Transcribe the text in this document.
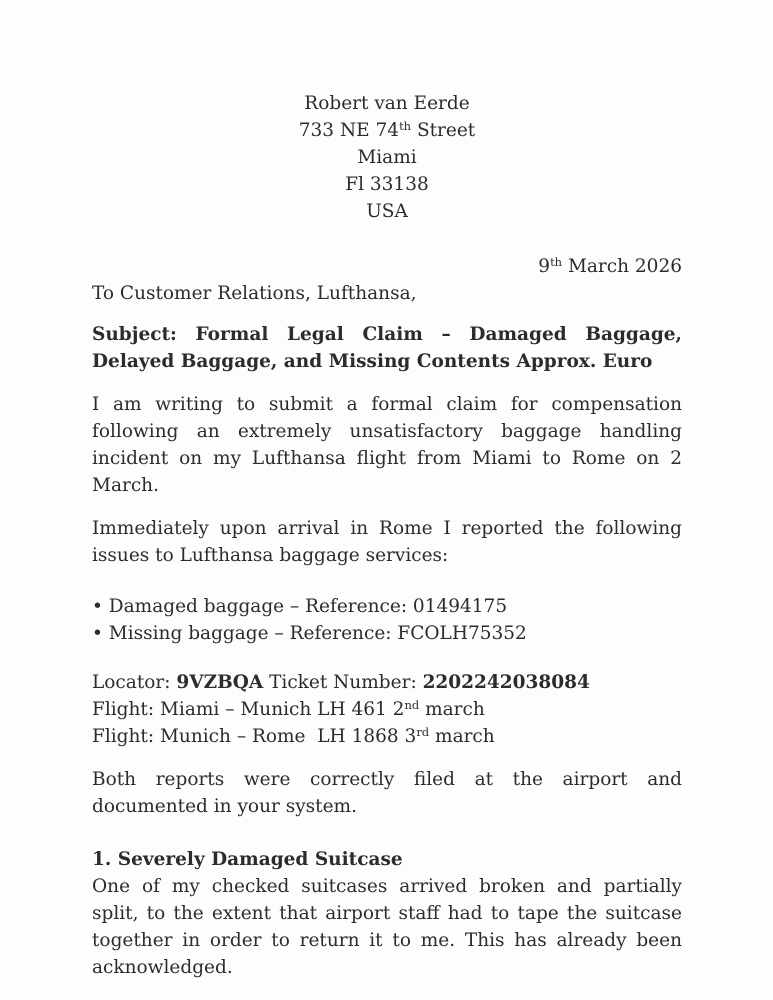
Robert van Eerde
733 NE 74th Street
Miami
Fl 33138
USA
9th March 2026
To Customer Relations, Lufthansa,
Subject: Formal Legal Claim – Damaged Baggage, Delayed Baggage, and Missing Contents Approx. Euro

I am writing to submit a formal claim for compensation following an extremely unsatisfactory baggage handling incident on my Lufthansa flight from Miami to Rome on 2 March.

Immediately upon arrival in Rome I reported the following issues to Lufthansa baggage services:

• Damaged baggage – Reference: 01494175
• Missing baggage – Reference: FCOLH75352
Locator: 9VZBQA Ticket Number: 2202242038084
Flight: Miami – Munich LH 461 2nd march
Flight: Munich – Rome  LH 1868 3rd march

Both reports were correctly filed at the airport and documented in your system.

1. Severely Damaged Suitcase

One of my checked suitcases arrived broken and partially split, to the extent that airport staff had to tape the suitcase together in order to return it to me. This has already been acknowledged.
